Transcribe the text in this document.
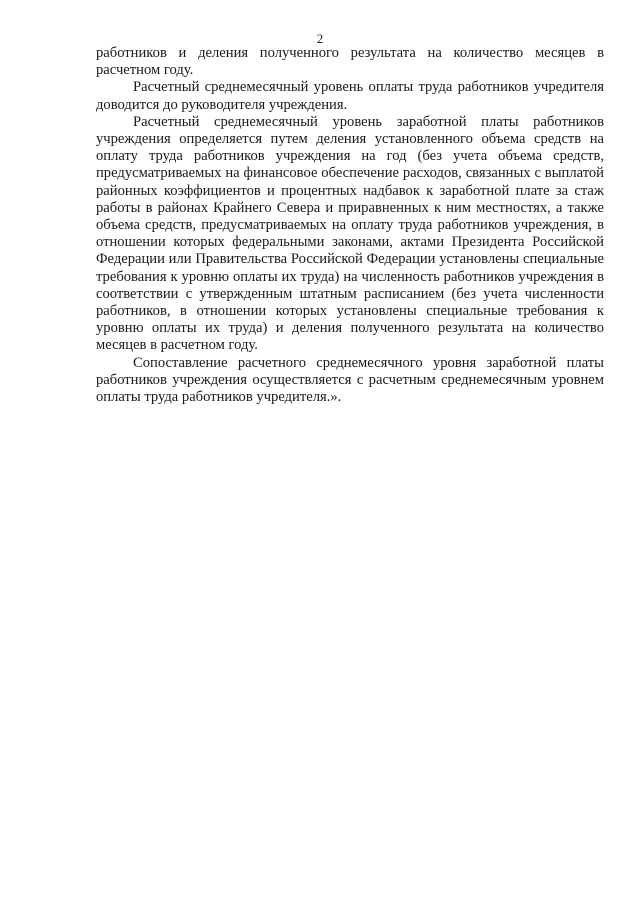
2

работников и деления полученного результата на количество месяцев в расчетном году.

Расчетный среднемесячный уровень оплаты труда работников учредителя доводится до руководителя учреждения.

Расчетный среднемесячный уровень заработной платы работников учреждения определяется путем деления установленного объема средств на оплату труда работников учреждения на год (без учета объема средств, предусматриваемых на финансовое обеспечение расходов, связанных с выплатой районных коэффициентов и процентных надбавок к заработной плате за стаж работы в районах Крайнего Севера и приравненных к ним местностях, а также объема средств, предусматриваемых на оплату труда работников учреждения, в отношении которых федеральными законами, актами Президента Российской Федерации или Правительства Российской Федерации установлены специальные требования к уровню оплаты их труда) на численность работников учреждения в соответствии с утвержденным штатным расписанием (без учета численности работников, в отношении которых установлены специальные требования к уровню оплаты их труда) и деления полученного результата на количество месяцев в расчетном году.

Сопоставление расчетного среднемесячного уровня заработной платы работников учреждения осуществляется с расчетным среднемесячным уровнем оплаты труда работников учредителя.».
